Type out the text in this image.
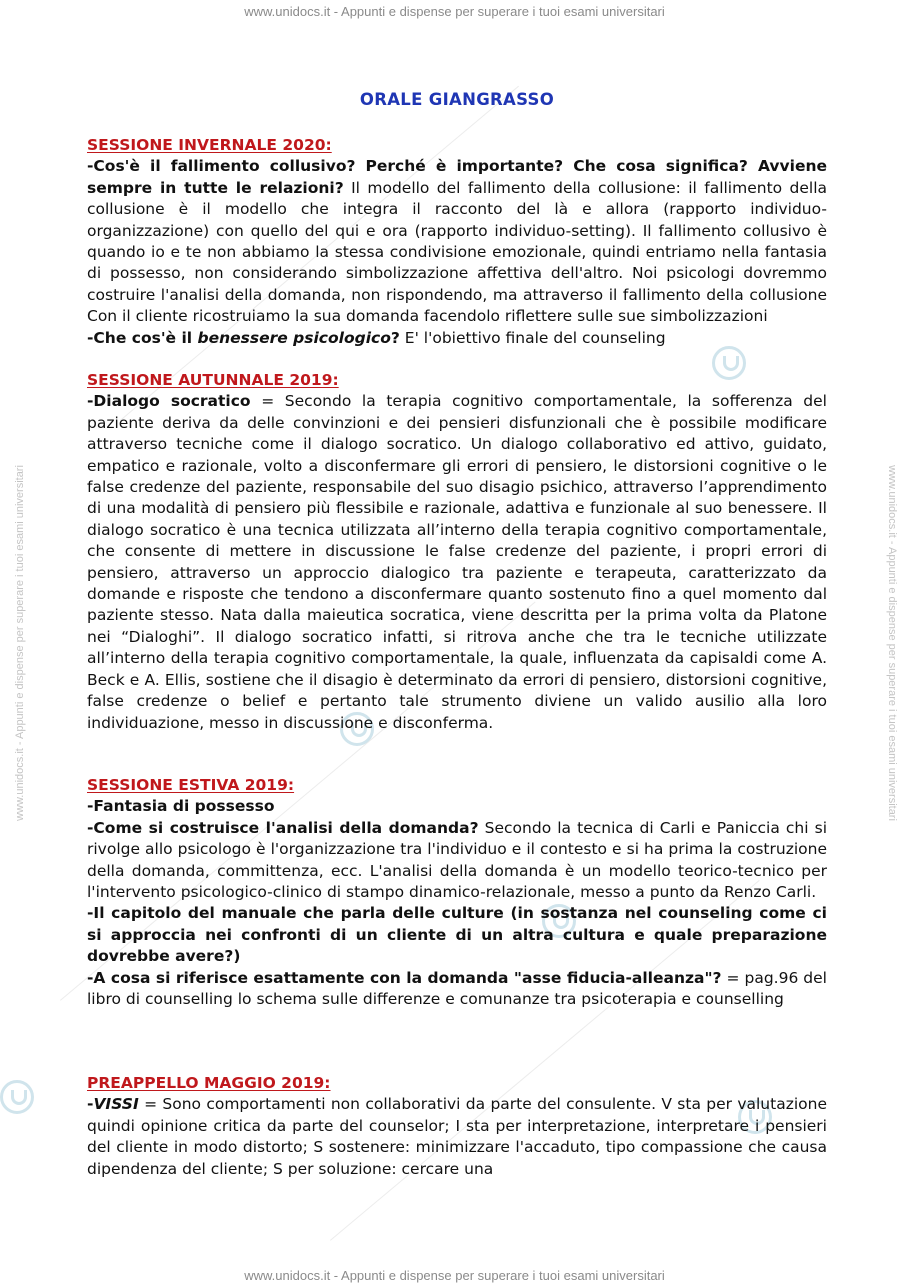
www.unidocs.it - Appunti e dispense per superare i tuoi esami universitari
www.unidocs.it - Appunti e dispense per superare i tuoi esami universitari
www.unidocs.it - Appunti e dispense per superare i tuoi esami universitari	www.unidocs.it - Appunti e dispense per superare i tuoi esami universitari
ORALE GIANGRASSO
SESSIONE INVERNALE 2020:

-Cos'è il fallimento collusivo? Perché è importante? Che cosa significa? Avviene sempre in tutte le relazioni? Il modello del fallimento della collusione: il fallimento della collusione è il modello che integra il racconto del là e allora (rapporto individuo-organizzazione) con quello del qui e ora (rapporto individuo-setting). Il fallimento collusivo è quando io e te non abbiamo la stessa condivisione emozionale, quindi entriamo nella fantasia di possesso, non considerando simbolizzazione affettiva dell'altro. Noi psicologi dovremmo costruire l'analisi della domanda, non rispondendo, ma attraverso il fallimento della collusione Con il cliente ricostruiamo la sua domanda facendolo riflettere sulle sue simbolizzazioni

-Che cos'è il benessere psicologico? E' l'obiettivo finale del counseling

SESSIONE AUTUNNALE 2019:

-Dialogo socratico = Secondo la terapia cognitivo comportamentale, la sofferenza del paziente deriva da delle convinzioni e dei pensieri disfunzionali che è possibile modificare attraverso tecniche come il dialogo socratico. Un dialogo collaborativo ed attivo, guidato, empatico e razionale, volto a disconfermare gli errori di pensiero, le distorsioni cognitive o le false credenze del paziente, responsabile del suo disagio psichico, attraverso l’apprendimento di una modalità di pensiero più flessibile e razionale, adattiva e funzionale al suo benessere. Il dialogo socratico è una tecnica utilizzata all’interno della terapia cognitivo comportamentale, che consente di mettere in discussione le false credenze del paziente, i propri errori di pensiero, attraverso un approccio dialogico tra paziente e terapeuta, caratterizzato da domande e risposte che tendono a disconfermare quanto sostenuto fino a quel momento dal paziente stesso. Nata dalla maieutica socratica, viene descritta per la prima volta da Platone nei “Dialoghi”. Il dialogo socratico infatti, si ritrova anche che tra le tecniche utilizzate all’interno della terapia cognitivo comportamentale, la quale, influenzata da capisaldi come A. Beck e A. Ellis, sostiene che il disagio è determinato da errori di pensiero, distorsioni cognitive, false credenze o belief e pertanto tale strumento diviene un valido ausilio alla loro individuazione, messo in discussione e disconferma.

SESSIONE ESTIVA 2019:

-Fantasia di possesso

-Come si costruisce l'analisi della domanda? Secondo la tecnica di Carli e Paniccia chi si rivolge allo psicologo è l'organizzazione tra l'individuo e il contesto e si ha prima la costruzione della domanda, committenza, ecc. L'analisi della domanda è un modello teorico-tecnico per l'intervento psicologico-clinico di stampo dinamico-relazionale, messo a punto da Renzo Carli.

-Il capitolo del manuale che parla delle culture (in sostanza nel counseling come ci si approccia nei confronti di un cliente di un altra cultura e quale preparazione dovrebbe avere?)

-A cosa si riferisce esattamente con la domanda "asse fiducia-alleanza"? = pag.96 del libro di counselling lo schema sulle differenze e comunanze tra psicoterapia e counselling

PREAPPELLO MAGGIO 2019:

-VISSI = Sono comportamenti non collaborativi da parte del consulente. V sta per valutazione quindi opinione critica da parte del counselor; I sta per interpretazione, interpretare i pensieri del cliente in modo distorto; S sostenere: minimizzare l'accaduto, tipo compassione che causa dipendenza del cliente; S per soluzione: cercare una
